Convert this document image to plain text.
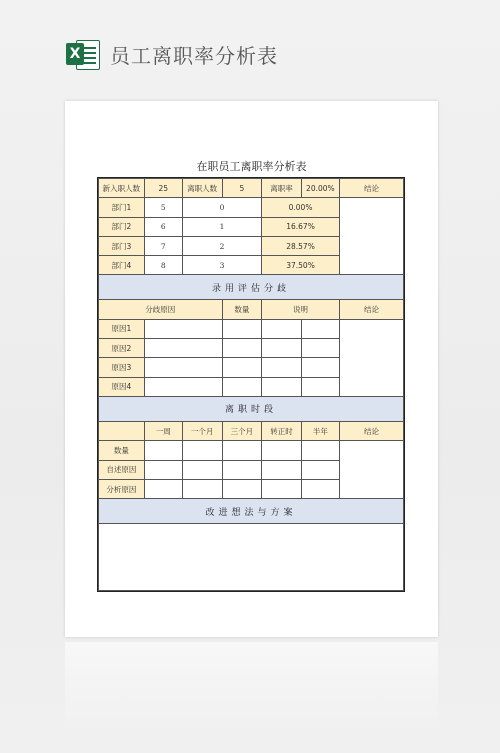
X 员工离职率分析表
在职员工离职率分析表
新入职人数	25	离职人数	5	离职率	20.00%	结论
部门1	5	0		0.00%		
部门2	6	1		16.67%		
部门3	7	2		28.57%		
部门4	8	3		37.50%		
录用评估分歧						
分歧原因			数量	说明		结论
原因1						
原因2						
原因3						
原因4						
离职时段						
	一周	一个月	三个月	转正时	半年	结论
数量						
自述原因						
分析原因						
改进想法与方案						
